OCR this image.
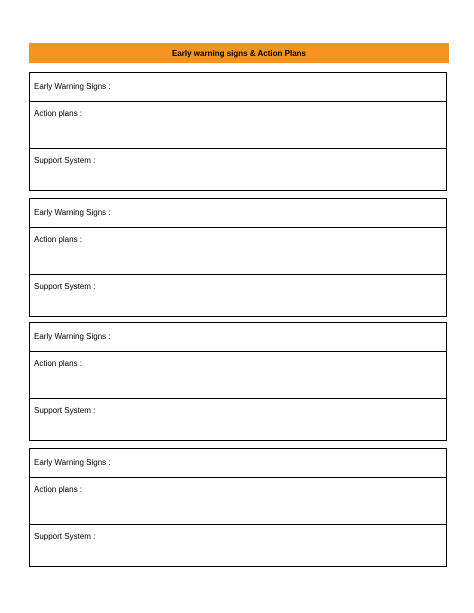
Early warning signs & Action Plans
Early Warning Signs :
Action plans :
Support System :
Early Warning Signs :
Action plans :
Support System :
Early Warning Signs :
Action plans :
Support System :
Early Warning Signs :
Action plans :
Support System :
